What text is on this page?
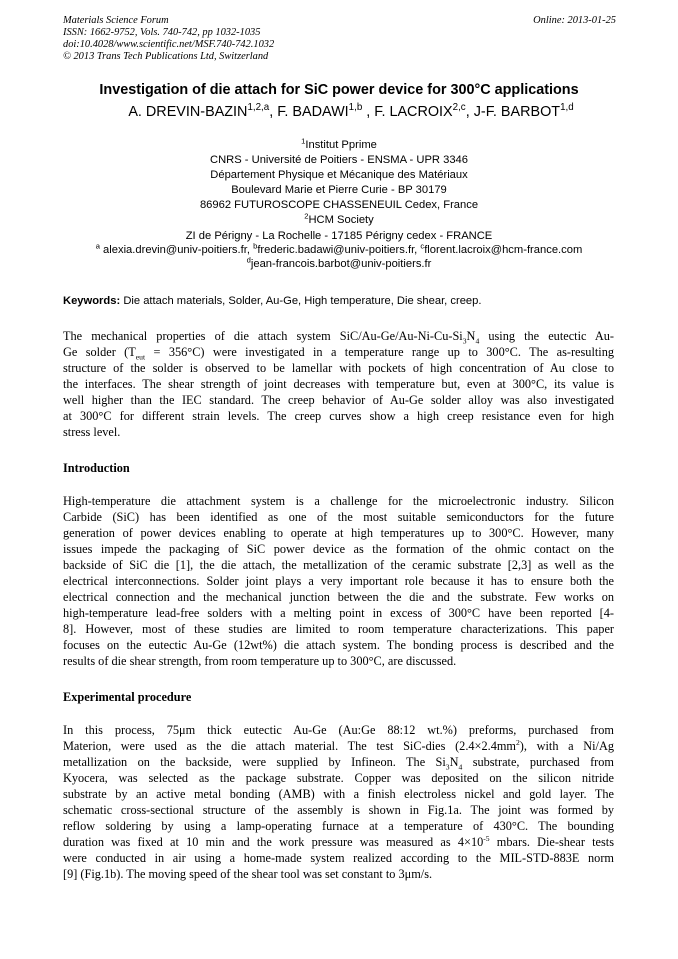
Materials Science Forum	Online: 2013-01-25
ISSN: 1662-9752, Vols. 740-742, pp 1032-1035
doi:10.4028/www.scientific.net/MSF.740-742.1032
© 2013 Trans Tech Publications Ltd, Switzerland
Investigation of die attach for SiC power device for 300°C applications
A. DREVIN-BAZIN$^{1,2,a}$, F. BADAWI$^{1,b}$ , F. LACROIX$^{2,c}$, J-F. BARBOT$^{1,d}$
$^1$Institut Pprime
CNRS - Université de Poitiers - ENSMA - UPR 3346
Département Physique et Mécanique des Matériaux
Boulevard Marie et Pierre Curie - BP 30179
86962 FUTUROSCOPE CHASSENEUIL Cedex, France
$^2$HCM Society
ZI de Périgny - La Rochelle - 17185 Périgny cedex - FRANCE
$^a$ alexia.drevin@univ-poitiers.fr, $^b$frederic.badawi@univ-poitiers.fr, $^c$florent.lacroix@hcm-france.com
$^d$jean-francois.barbot@univ-poitiers.fr
Keywords: Die attach materials, Solder, Au-Ge, High temperature, Die shear, creep.
The mechanical properties of die attach system SiC/$Au-Ge/Au-Ni-Cu-Si_3N_4$ using the eutectic Au-
Ge solder $(T_{eut} = 356^\circ C)$ were investigated in a temperature range up to 300°C. The as-resulting
structure of the solder is observed to be lamellar with pockets of high concentration of Au close to
the interfaces. The shear strength of joint decreases with temperature but, even at 300°C, its value is
well higher than the IEC standard. The creep behavior of Au-Ge solder alloy was also investigated
at 300°C for different strain levels. The creep curves show a high creep resistance even for high
stress level.
Introduction
High-temperature die attachment system is a challenge for the microelectronic industry. Silicon
Carbide (SiC) has been identified as one of the most suitable semiconductors for the future
generation of power devices enabling to operate at high temperatures up to 300°C. However, many
issues impede the packaging of SiC power device as the formation of the ohmic contact on the
backside of SiC die [1], the die attach, the metallization of the ceramic substrate [2,3] as well as the
electrical interconnections. Solder joint plays a very important role because it has to ensure both the
electrical connection and the mechanical junction between the die and the substrate. Few works on
high-temperature lead-free solders with a melting point in excess of 300°C have been reported [4-
8]. However, most of these studies are limited to room temperature characterizations. This paper
focuses on the eutectic Au-Ge (12wt%) die attach system. The bonding process is described and the
results of die shear strength, from room temperature up to 300°C, are discussed.
Experimental procedure
In this process, 75μm thick eutectic Au-Ge (Au:Ge 88:12 wt.%) preforms, purchased from
Materion, were used as the die attach material. The test SiC-dies $(2.4\times 2.4mm^2)$, with a Ni/Ag
metallization on the backside, were supplied by Infineon. The $Si_3N_4$ substrate, purchased from
Kyocera, was selected as the package substrate. Copper was deposited on the silicon nitride
substrate by an active metal bonding (AMB) with a finish electroless nickel and gold layer. The
schematic cross-sectional structure of the assembly is shown in Fig.1a. The joint was formed by
reflow soldering by using a lamp-operating furnace at a temperature of 430°C. The bounding
duration was fixed at 10 min and the work pressure was measured as $4\times 10^{-5}$ mbars. Die-shear tests
were conducted in air using a home-made system realized according to the MIL-STD-883E norm
[9] (Fig.1b). The moving speed of the shear tool was set constant to 3μm/s.
